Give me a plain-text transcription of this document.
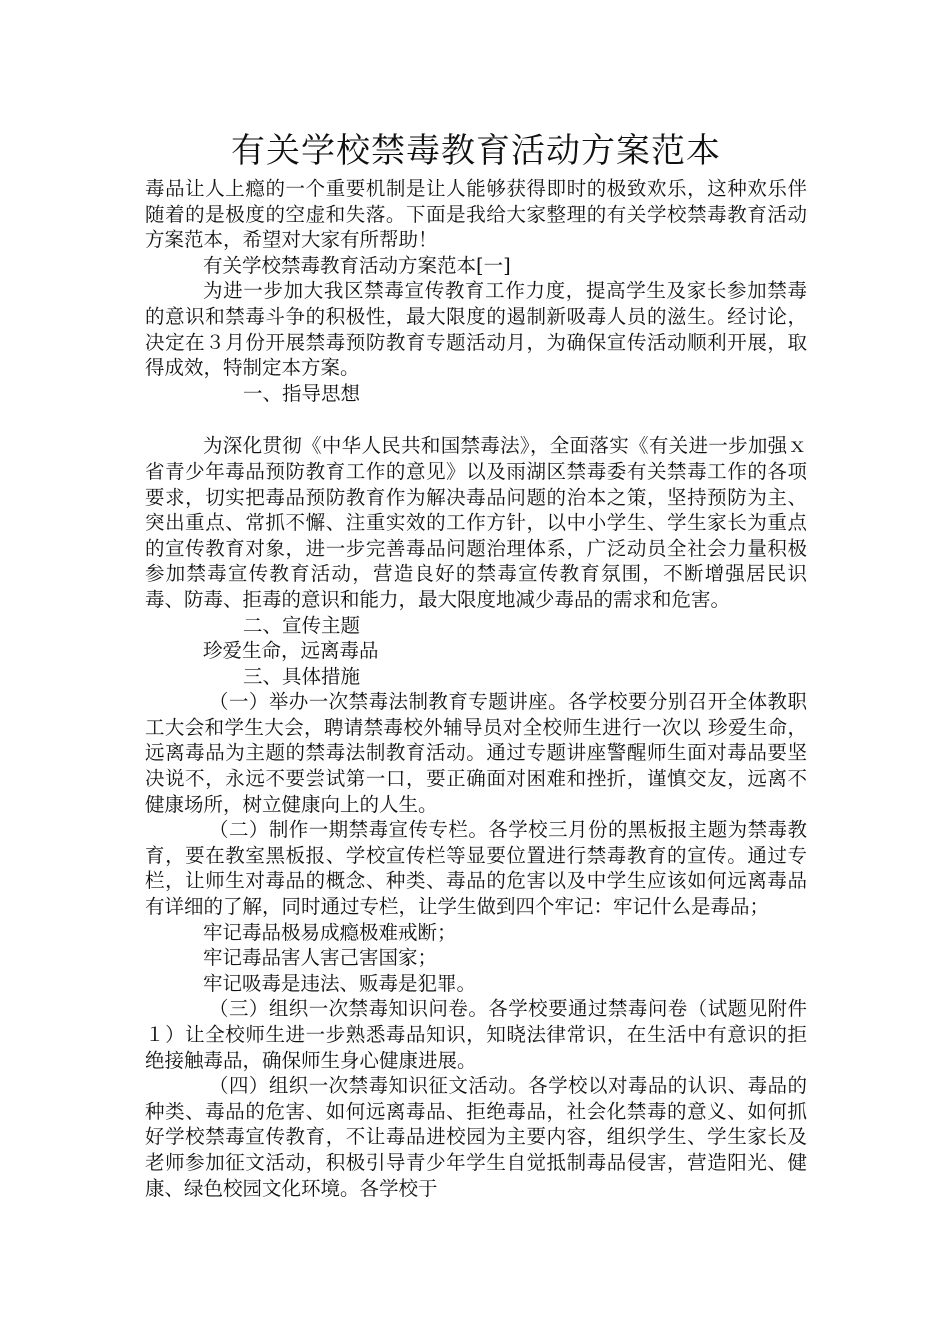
有关学校禁毒教育活动方案范本

毒品让人上瘾的一个重要机制是让人能够获得即时的极致欢乐，这种欢乐伴随着的是极度的空虚和失落。下面是我给大家整理的有关学校禁毒教育活动方案范本，希望对大家有所帮助！

有关学校禁毒教育活动方案范本[一]

为进一步加大我区禁毒宣传教育工作力度，提高学生及家长参加禁毒的意识和禁毒斗争的积极性，最大限度的遏制新吸毒人员的滋生。经讨论，决定在３月份开展禁毒预防教育专题活动月，为确保宣传活动顺利开展，取得成效，特制定本方案。

一、指导思想

为深化贯彻《中华人民共和国禁毒法》，全面落实《有关进一步加强ｘ省青少年毒品预防教育工作的意见》以及雨湖区禁毒委有关禁毒工作的各项要求，切实把毒品预防教育作为解决毒品问题的治本之策，坚持预防为主、突出重点、常抓不懈、注重实效的工作方针，以中小学生、学生家长为重点的宣传教育对象，进一步完善毒品问题治理体系，广泛动员全社会力量积极参加禁毒宣传教育活动，营造良好的禁毒宣传教育氛围，不断增强居民识毒、防毒、拒毒的意识和能力，最大限度地减少毒品的需求和危害。

二、宣传主题

珍爱生命，远离毒品

三、具体措施

（一）举办一次禁毒法制教育专题讲座。各学校要分别召开全体教职工大会和学生大会，聘请禁毒校外辅导员对全校师生进行一次以 珍爱生命，远离毒品为主题的禁毒法制教育活动。通过专题讲座警醒师生面对毒品要坚决说不，永远不要尝试第一口，要正确面对困难和挫折，谨慎交友，远离不健康场所，树立健康向上的人生。

（二）制作一期禁毒宣传专栏。各学校三月份的黑板报主题为禁毒教育，要在教室黑板报、学校宣传栏等显要位置进行禁毒教育的宣传。通过专栏，让师生对毒品的概念、种类、毒品的危害以及中学生应该如何远离毒品有详细的了解，同时通过专栏，让学生做到四个牢记：牢记什么是毒品；

牢记毒品极易成瘾极难戒断；

牢记毒品害人害己害国家；

牢记吸毒是违法、贩毒是犯罪。

（三）组织一次禁毒知识问卷。各学校要通过禁毒问卷（试题见附件１）让全校师生进一步熟悉毒品知识，知晓法律常识，在生活中有意识的拒绝接触毒品，确保师生身心健康进展。

（四）组织一次禁毒知识征文活动。各学校以对毒品的认识、毒品的种类、毒品的危害、如何远离毒品、拒绝毒品，社会化禁毒的意义、如何抓好学校禁毒宣传教育，不让毒品进校园为主要内容，组织学生、学生家长及老师参加征文活动，积极引导青少年学生自觉抵制毒品侵害，营造阳光、健康、绿色校园文化环境。各学校于
